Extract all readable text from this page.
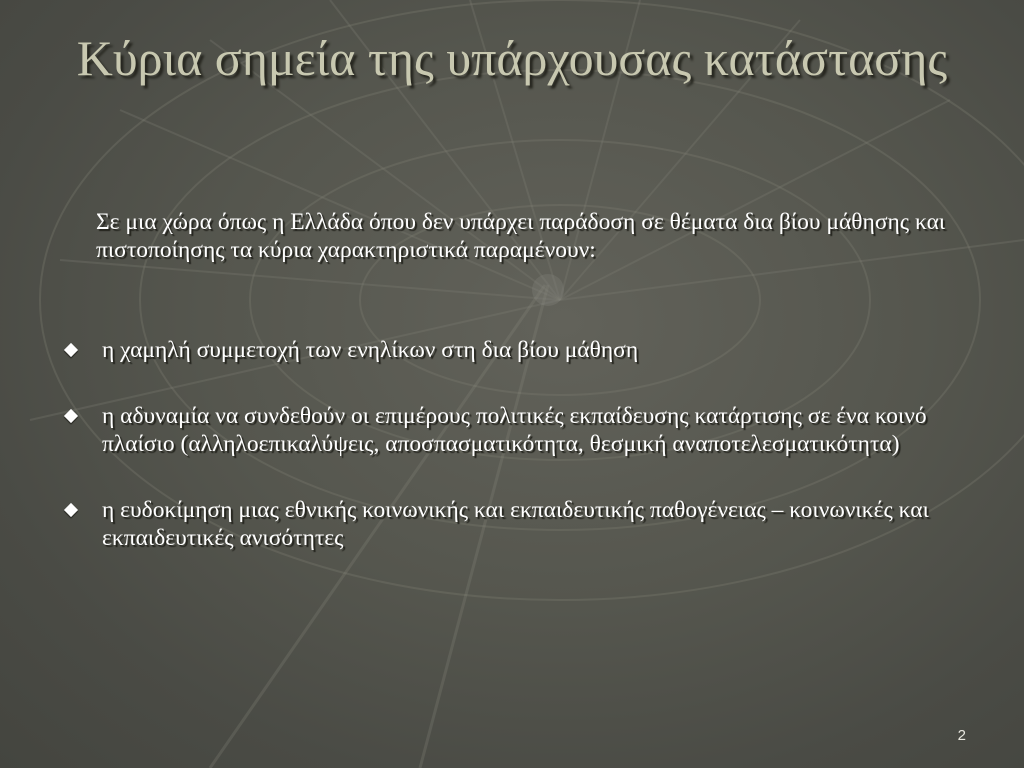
Κύρια σημεία της υπάρχουσας κατάστασης
Σε μια χώρα όπως η Ελλάδα όπου δεν υπάρχει παράδοση σε θέματα δια βίου μάθησης και πιστοποίησης τα κύρια χαρακτηριστικά παραμένουν:
η χαμηλή συμμετοχή των ενηλίκων στη δια βίου μάθηση
η αδυναμία να συνδεθούν οι επιμέρους πολιτικές εκπαίδευσης κατάρτισης σε ένα κοινό πλαίσιο (αλληλοεπικαλύψεις, αποσπασματικότητα, θεσμική αναποτελεσματικότητα)
η ευδοκίμηση μιας εθνικής κοινωνικής και εκπαιδευτικής παθογένειας – κοινωνικές και εκπαιδευτικές ανισότητες
2
